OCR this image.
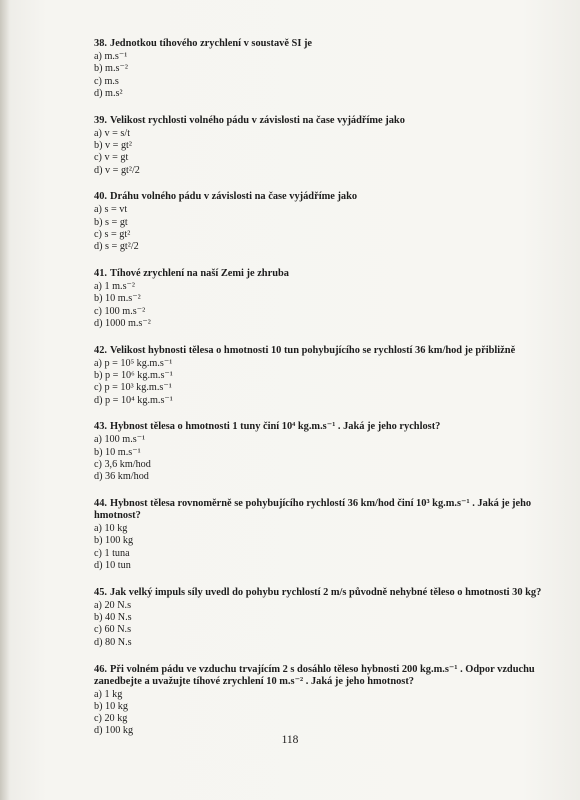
38. Jednotkou tíhového zrychlení v soustavě SI je
a) m.s⁻¹
b) m.s⁻²
c) m.s
d) m.s²
39. Velikost rychlosti volného pádu v závislosti na čase vyjádříme jako
a) v = s/t
b) v = gt²
c) v = gt
d) v = gt²/2
40. Dráhu volného pádu v závislosti na čase vyjádříme jako
a) s = vt
b) s = gt
c) s = gt²
d) s = gt²/2
41. Tíhové zrychlení na naší Zemi je zhruba
a) 1 m.s⁻²
b) 10 m.s⁻²
c) 100 m.s⁻²
d) 1000 m.s⁻²
42. Velikost hybnosti tělesa o hmotnosti 10 tun pohybujícího se rychlostí 36 km/hod je přibližně
a) p = 10⁵ kg.m.s⁻¹
b) p = 10⁶ kg.m.s⁻¹
c) p = 10³ kg.m.s⁻¹
d) p = 10⁴ kg.m.s⁻¹
43. Hybnost tělesa o hmotnosti 1 tuny činí 10⁴ kg.m.s⁻¹ . Jaká je jeho rychlost?
a) 100 m.s⁻¹
b) 10 m.s⁻¹
c) 3,6 km/hod
d) 36 km/hod
44. Hybnost tělesa rovnoměrně se pohybujícího rychlostí 36 km/hod činí 10³ kg.m.s⁻¹ . Jaká je jeho hmotnost?
a) 10 kg
b) 100 kg
c) 1 tuna
d) 10 tun
45. Jak velký impuls síly uvedl do pohybu rychlostí 2 m/s původně nehybné těleso o hmotnosti 30 kg?
a) 20 N.s
b) 40 N.s
c) 60 N.s
d) 80 N.s
46. Při volném pádu ve vzduchu trvajícím 2 s dosáhlo těleso hybnosti 200 kg.m.s⁻¹ . Odpor vzduchu zanedbejte a uvažujte tíhové zrychlení 10 m.s⁻² . Jaká je jeho hmotnost?
a) 1 kg
b) 10 kg
c) 20 kg
d) 100 kg
118
